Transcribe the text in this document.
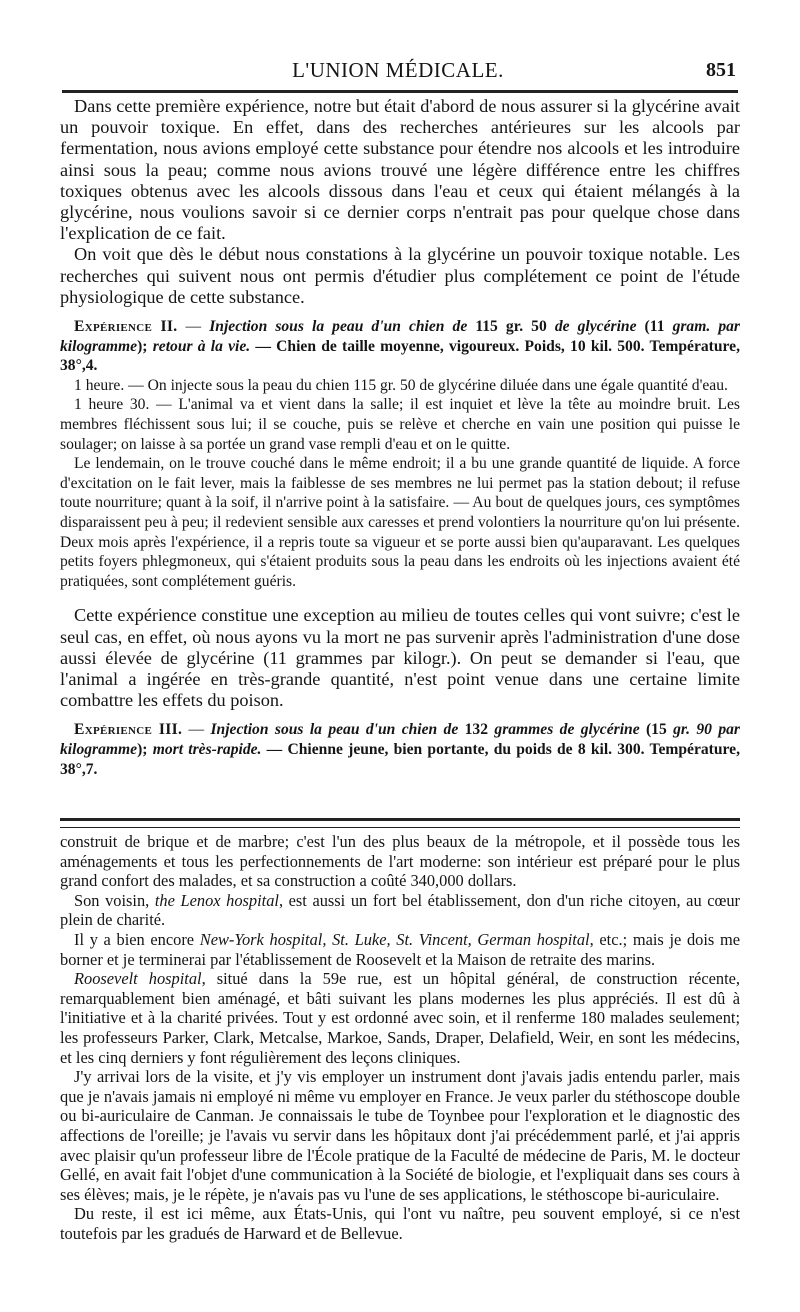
L'UNION MÉDICALE.	851

Dans cette première expérience, notre but était d'abord de nous assurer si la glycérine avait un pouvoir toxique. En effet, dans des recherches antérieures sur les alcools par fermentation, nous avions employé cette substance pour étendre nos alcools et les introduire ainsi sous la peau; comme nous avions trouvé une légère différence entre les chiffres toxiques obtenus avec les alcools dissous dans l'eau et ceux qui étaient mélangés à la glycérine, nous voulions savoir si ce dernier corps n'entrait pas pour quelque chose dans l'explication de ce fait.

On voit que dès le début nous constations à la glycérine un pouvoir toxique notable. Les recherches qui suivent nous ont permis d'étudier plus complétement ce point de l'étude physiologique de cette substance.

Expérience II. — Injection sous la peau d'un chien de 115 gr. 50 de glycérine (11 gram. par kilogramme); retour à la vie. — Chien de taille moyenne, vigoureux. Poids, 10 kil. 500. Température, 38°,4.

1 heure. — On injecte sous la peau du chien 115 gr. 50 de glycérine diluée dans une égale quantité d'eau.

1 heure 30. — L'animal va et vient dans la salle; il est inquiet et lève la tête au moindre bruit. Les membres fléchissent sous lui; il se couche, puis se relève et cherche en vain une position qui puisse le soulager; on laisse à sa portée un grand vase rempli d'eau et on le quitte.

Le lendemain, on le trouve couché dans le même endroit; il a bu une grande quantité de liquide. A force d'excitation on le fait lever, mais la faiblesse de ses membres ne lui permet pas la station debout; il refuse toute nourriture; quant à la soif, il n'arrive point à la satisfaire. — Au bout de quelques jours, ces symptômes disparaissent peu à peu; il redevient sensible aux caresses et prend volontiers la nourriture qu'on lui présente. Deux mois après l'expérience, il a repris toute sa vigueur et se porte aussi bien qu'auparavant. Les quelques petits foyers phlegmoneux, qui s'étaient produits sous la peau dans les endroits où les injections avaient été pratiquées, sont complétement guéris.

Cette expérience constitue une exception au milieu de toutes celles qui vont suivre; c'est le seul cas, en effet, où nous ayons vu la mort ne pas survenir après l'administration d'une dose aussi élevée de glycérine (11 grammes par kilogr.). On peut se demander si l'eau, que l'animal a ingérée en très-grande quantité, n'est point venue dans une certaine limite combattre les effets du poison.

Expérience III. — Injection sous la peau d'un chien de 132 grammes de glycérine (15 gr. 90 par kilogramme); mort très-rapide. — Chienne jeune, bien portante, du poids de 8 kil. 300. Température, 38°,7.

construit de brique et de marbre; c'est l'un des plus beaux de la métropole, et il possède tous les aménagements et tous les perfectionnements de l'art moderne: son intérieur est préparé pour le plus grand confort des malades, et sa construction a coûté 340,000 dollars.

Son voisin, the Lenox hospital, est aussi un fort bel établissement, don d'un riche citoyen, au cœur plein de charité.

Il y a bien encore New-York hospital, St. Luke, St. Vincent, German hospital, etc.; mais je dois me borner et je terminerai par l'établissement de Roosevelt et la Maison de retraite des marins.

Roosevelt hospital, situé dans la 59e rue, est un hôpital général, de construction récente, remarquablement bien aménagé, et bâti suivant les plans modernes les plus appréciés. Il est dû à l'initiative et à la charité privées. Tout y est ordonné avec soin, et il renferme 180 malades seulement; les professeurs Parker, Clark, Metcalse, Markoe, Sands, Draper, Delafield, Weir, en sont les médecins, et les cinq derniers y font régulièrement des leçons cliniques.

J'y arrivai lors de la visite, et j'y vis employer un instrument dont j'avais jadis entendu parler, mais que je n'avais jamais ni employé ni même vu employer en France. Je veux parler du stéthoscope double ou bi-auriculaire de Canman. Je connaissais le tube de Toynbee pour l'exploration et le diagnostic des affections de l'oreille; je l'avais vu servir dans les hôpitaux dont j'ai précédemment parlé, et j'ai appris avec plaisir qu'un professeur libre de l'École pratique de la Faculté de médecine de Paris, M. le docteur Gellé, en avait fait l'objet d'une communication à la Société de biologie, et l'expliquait dans ses cours à ses élèves; mais, je le répète, je n'avais pas vu l'une de ses applications, le stéthoscope bi-auriculaire.

Du reste, il est ici même, aux États-Unis, qui l'ont vu naître, peu souvent employé, si ce n'est toutefois par les gradués de Harward et de Bellevue.
